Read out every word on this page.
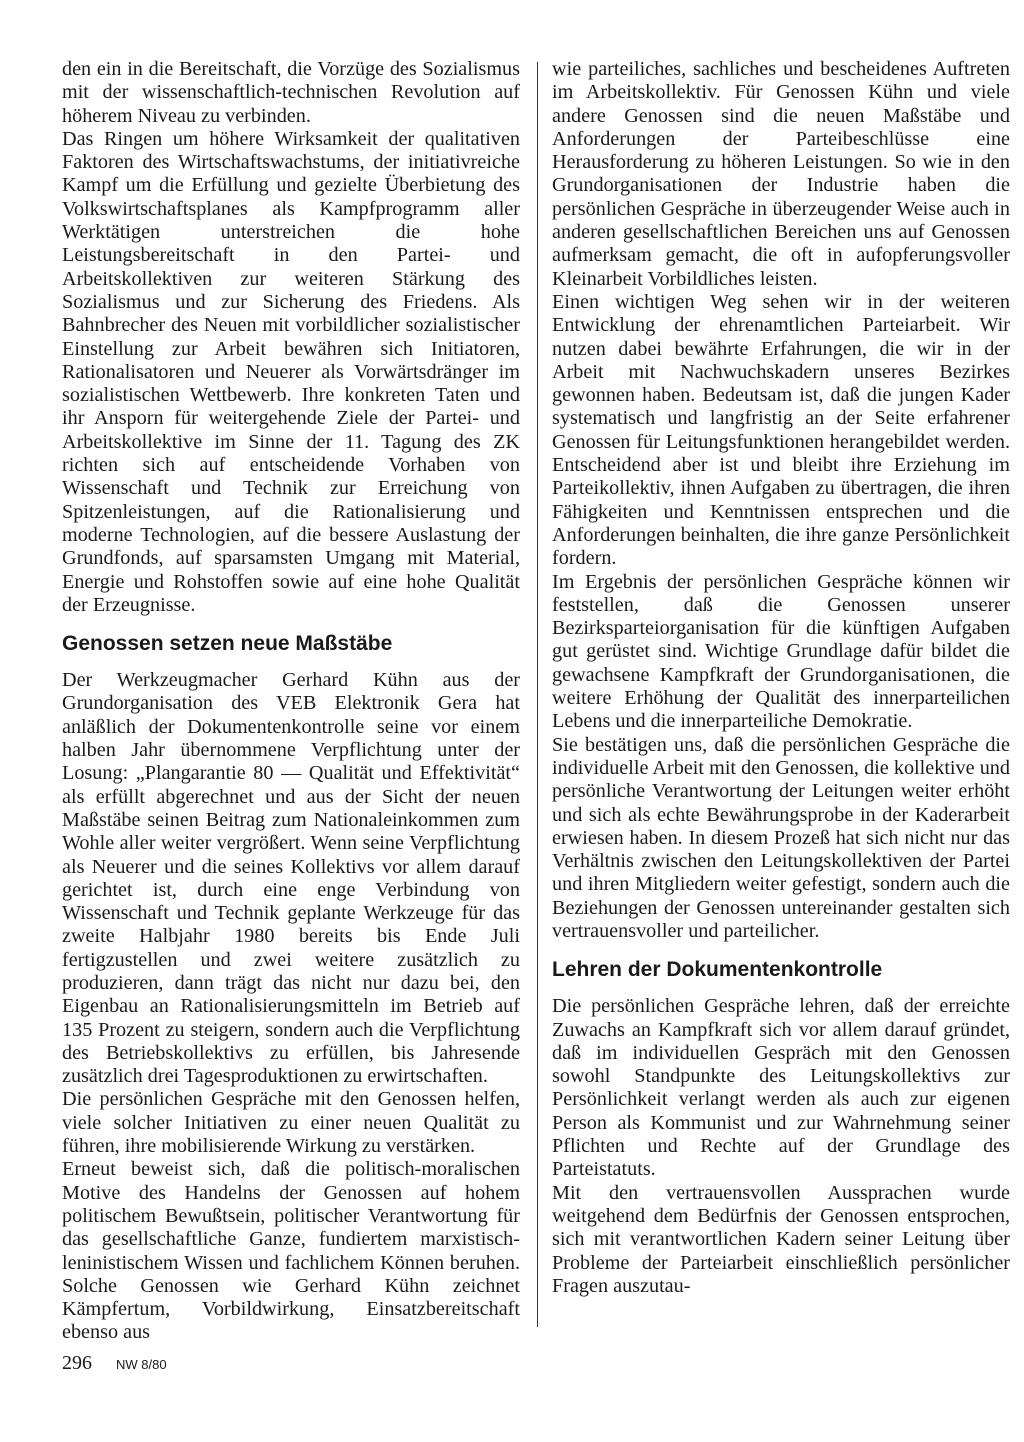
den ein in die Bereitschaft, die Vorzüge des Sozialismus mit der wissenschaftlich-technischen Revolution auf höherem Niveau zu verbinden.

Das Ringen um höhere Wirksamkeit der qualitativen Faktoren des Wirtschaftswachstums, der initiativreiche Kampf um die Erfüllung und gezielte Überbietung des Volkswirtschaftsplanes als Kampfprogramm aller Werktätigen unterstreichen die hohe Leistungsbereitschaft in den Partei- und Arbeitskollektiven zur weiteren Stärkung des Sozialismus und zur Sicherung des Friedens. Als Bahnbrecher des Neuen mit vorbildlicher sozialistischer Einstellung zur Arbeit bewähren sich Initiatoren, Rationalisatoren und Neuerer als Vorwärtsdränger im sozialistischen Wettbewerb. Ihre konkreten Taten und ihr Ansporn für weitergehende Ziele der Partei- und Arbeitskollektive im Sinne der 11. Tagung des ZK richten sich auf entscheidende Vorhaben von Wissenschaft und Technik zur Erreichung von Spitzenleistungen, auf die Rationalisierung und moderne Technologien, auf die bessere Auslastung der Grundfonds, auf sparsamsten Umgang mit Material, Energie und Rohstoffen sowie auf eine hohe Qualität der Erzeugnisse.

Genossen setzen neue Maßstäbe

Der Werkzeugmacher Gerhard Kühn aus der Grundorganisation des VEB Elektronik Gera hat anläßlich der Dokumentenkontrolle seine vor einem halben Jahr übernommene Verpflichtung unter der Losung: „Plangarantie 80 — Qualität und Effektivität“ als erfüllt abgerechnet und aus der Sicht der neuen Maßstäbe seinen Beitrag zum Nationaleinkommen zum Wohle aller weiter vergrößert. Wenn seine Verpflichtung als Neuerer und die seines Kollektivs vor allem darauf gerichtet ist, durch eine enge Verbindung von Wissenschaft und Technik geplante Werkzeuge für das zweite Halbjahr 1980 bereits bis Ende Juli fertigzustellen und zwei weitere zusätzlich zu produzieren, dann trägt das nicht nur dazu bei, den Eigenbau an Rationalisierungsmitteln im Betrieb auf 135 Prozent zu steigern, sondern auch die Verpflichtung des Betriebskollektivs zu erfüllen, bis Jahresende zusätzlich drei Tagesproduktionen zu erwirtschaften.

Die persönlichen Gespräche mit den Genossen helfen, viele solcher Initiativen zu einer neuen Qualität zu führen, ihre mobilisierende Wirkung zu verstärken.

Erneut beweist sich, daß die politisch-moralischen Motive des Handelns der Genossen auf hohem politischem Bewußtsein, politischer Verantwortung für das gesellschaftliche Ganze, fundiertem marxistisch-leninistischem Wissen und fachlichem Können beruhen. Solche Genossen wie Gerhard Kühn zeichnet Kämpfertum, Vorbildwirkung, Einsatzbereitschaft ebenso aus

wie parteiliches, sachliches und bescheidenes Auftreten im Arbeitskollektiv. Für Genossen Kühn und viele andere Genossen sind die neuen Maßstäbe und Anforderungen der Parteibeschlüsse eine Herausforderung zu höheren Leistungen. So wie in den Grundorganisationen der Industrie haben die persönlichen Gespräche in überzeugender Weise auch in anderen gesellschaftlichen Bereichen uns auf Genossen aufmerksam gemacht, die oft in aufopferungsvoller Kleinarbeit Vorbildliches leisten.

Einen wichtigen Weg sehen wir in der weiteren Entwicklung der ehrenamtlichen Parteiarbeit. Wir nutzen dabei bewährte Erfahrungen, die wir in der Arbeit mit Nachwuchskadern unseres Bezirkes gewonnen haben. Bedeutsam ist, daß die jungen Kader systematisch und langfristig an der Seite erfahrener Genossen für Leitungsfunktionen herangebildet werden. Entscheidend aber ist und bleibt ihre Erziehung im Parteikollektiv, ihnen Aufgaben zu übertragen, die ihren Fähigkeiten und Kenntnissen entsprechen und die Anforderungen beinhalten, die ihre ganze Persönlichkeit fordern.

Im Ergebnis der persönlichen Gespräche können wir feststellen, daß die Genossen unserer Bezirksparteiorganisation für die künftigen Aufgaben gut gerüstet sind. Wichtige Grundlage dafür bildet die gewachsene Kampfkraft der Grundorganisationen, die weitere Erhöhung der Qualität des innerparteilichen Lebens und die innerparteiliche Demokratie.

Sie bestätigen uns, daß die persönlichen Gespräche die individuelle Arbeit mit den Genossen, die kollektive und persönliche Verantwortung der Leitungen weiter erhöht und sich als echte Bewährungsprobe in der Kaderarbeit erwiesen haben. In diesem Prozeß hat sich nicht nur das Verhältnis zwischen den Leitungskollektiven der Partei und ihren Mitgliedern weiter gefestigt, sondern auch die Beziehungen der Genossen untereinander gestalten sich vertrauensvoller und parteilicher.

Lehren der Dokumentenkontrolle

Die persönlichen Gespräche lehren, daß der erreichte Zuwachs an Kampfkraft sich vor allem darauf gründet, daß im individuellen Gespräch mit den Genossen sowohl Standpunkte des Leitungskollektivs zur Persönlichkeit verlangt werden als auch zur eigenen Person als Kommunist und zur Wahrnehmung seiner Pflichten und Rechte auf der Grundlage des Parteistatuts.

Mit den vertrauensvollen Aussprachen wurde weitgehend dem Bedürfnis der Genossen entsprochen, sich mit verantwortlichen Kadern seiner Leitung über Probleme der Parteiarbeit einschließlich persönlicher Fragen auszutau-

296 NW 8/80
